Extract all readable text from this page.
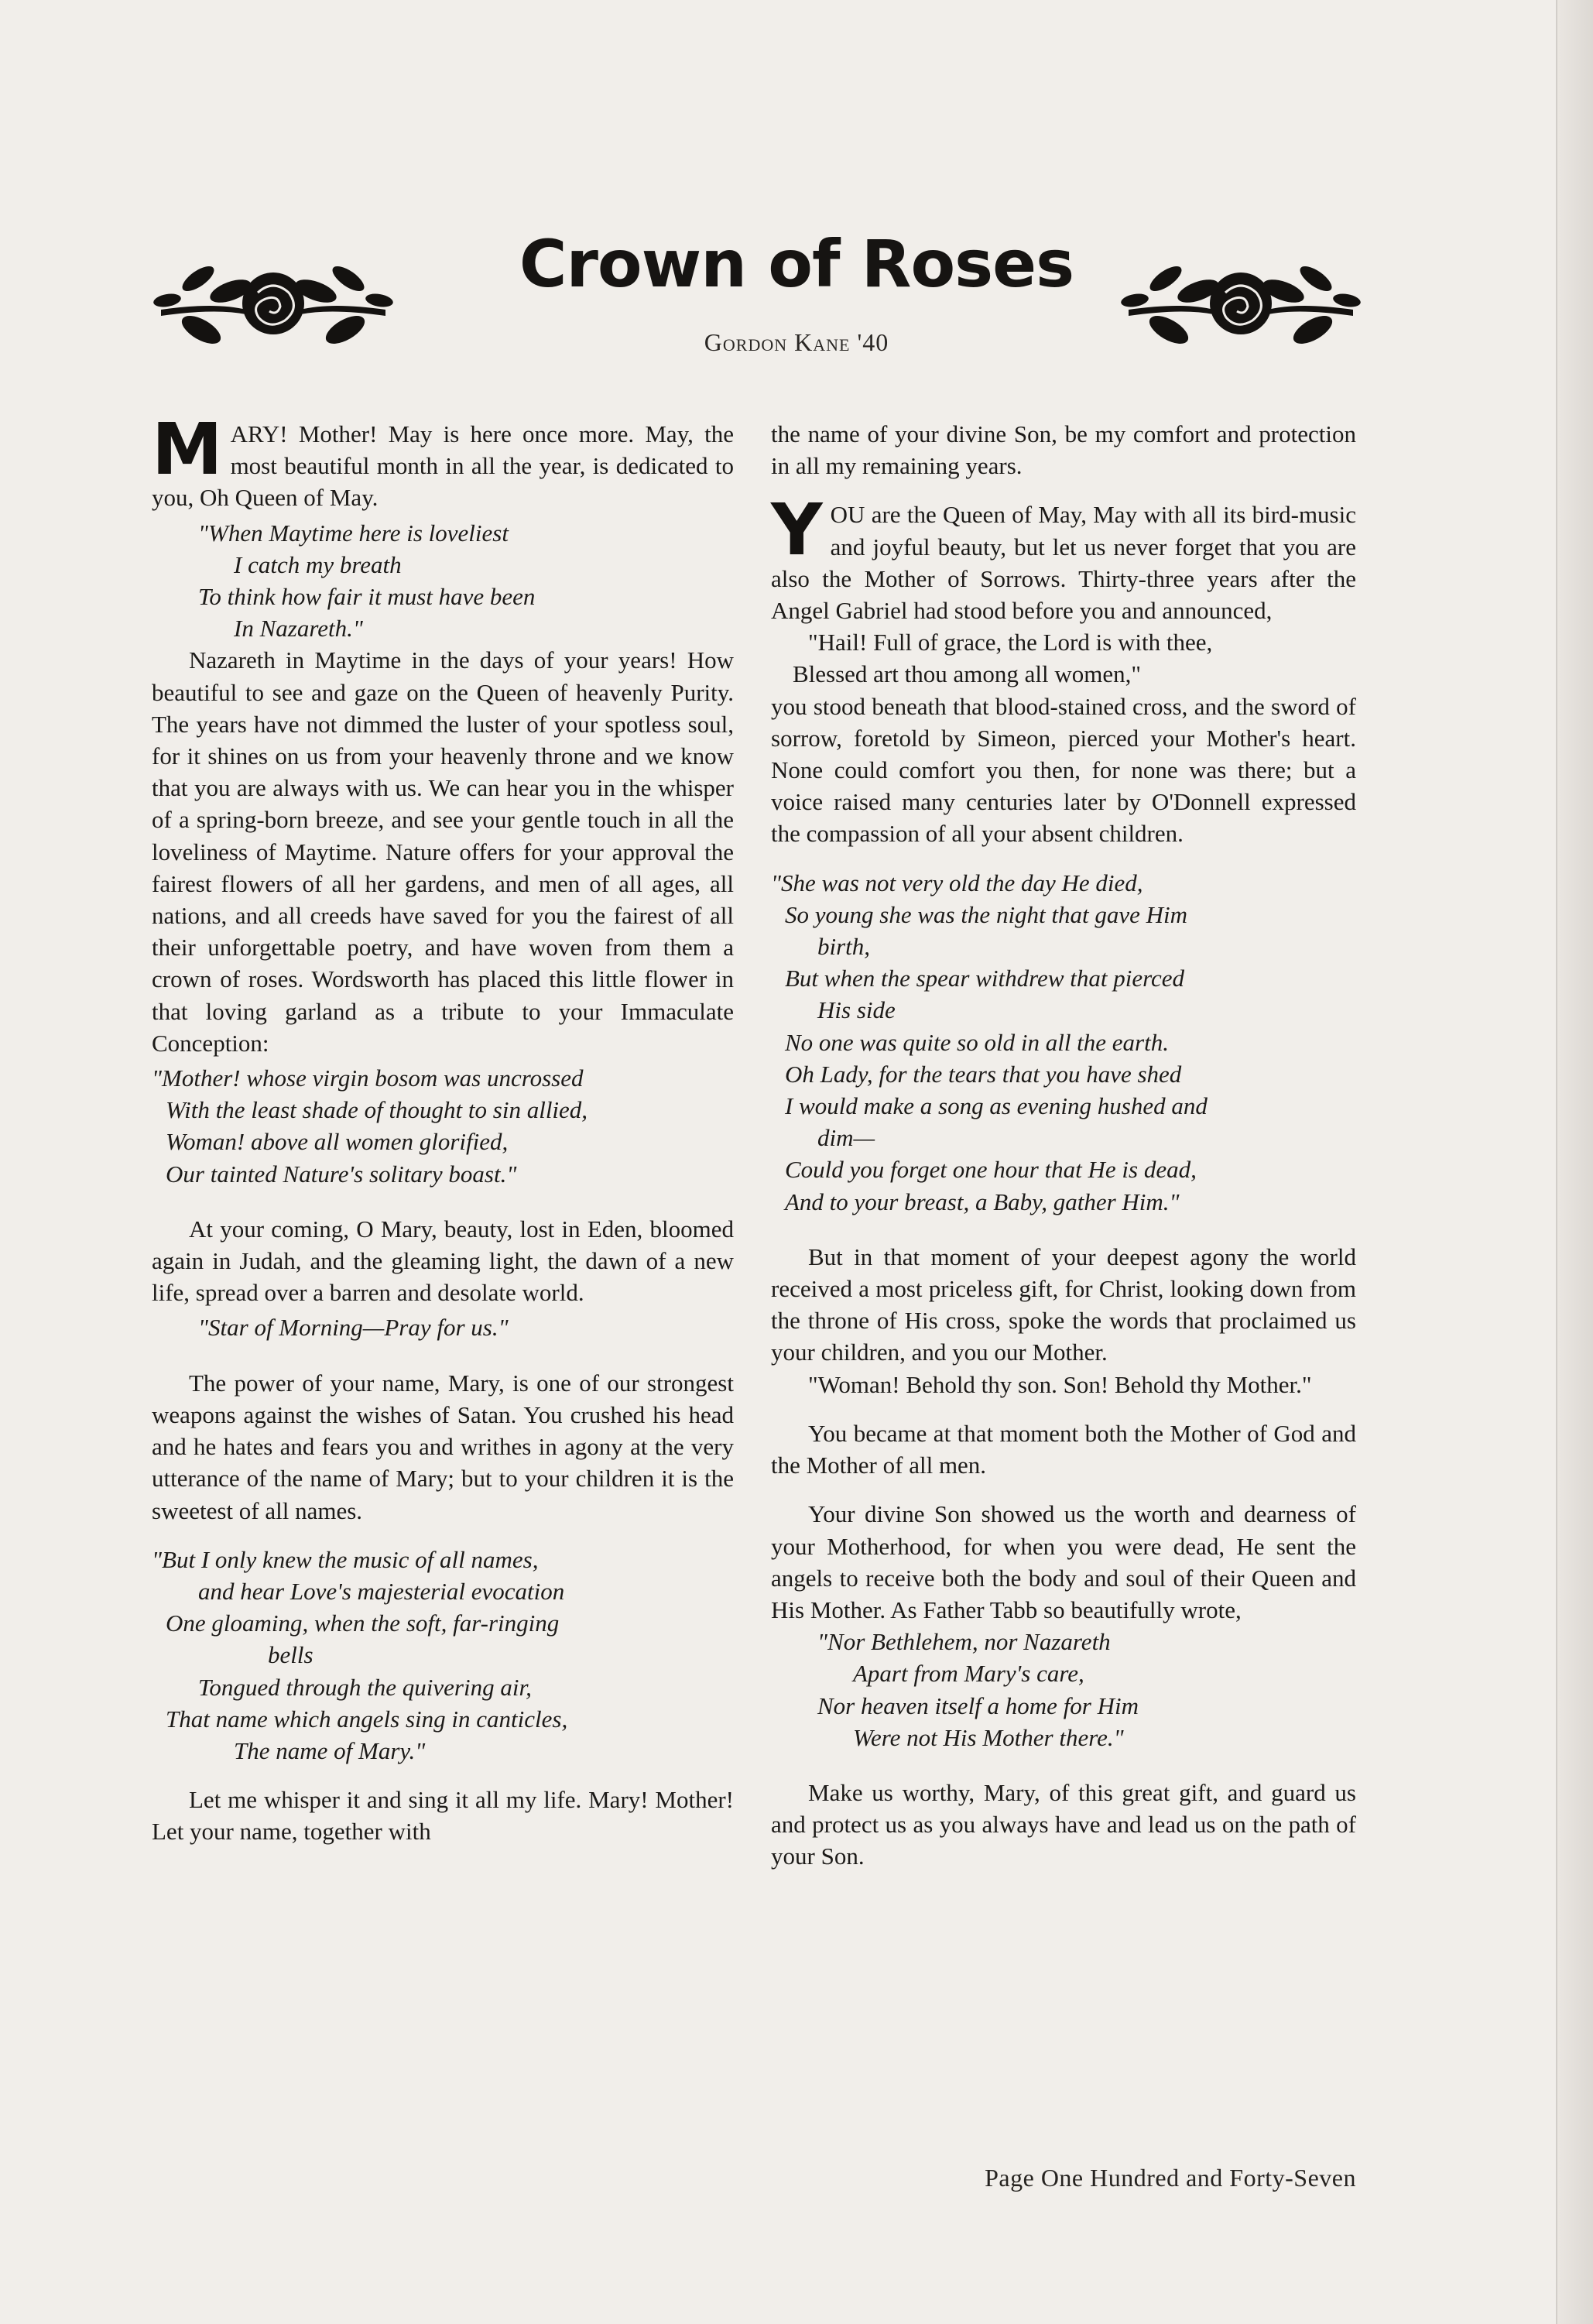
Crown of Roses
Gordon Kane '40

MARY! Mother! May is here once more. May, the most beautiful month in all the year, is dedicated to you, Oh Queen of May.

"When Maytime here is loveliest
I catch my breath
To think how fair it must have been
In Nazareth."

Nazareth in Maytime in the days of your years! How beautiful to see and gaze on the Queen of heavenly Purity. The years have not dimmed the luster of your spotless soul, for it shines on us from your heavenly throne and we know that you are always with us. We can hear you in the whisper of a spring-born breeze, and see your gentle touch in all the loveliness of Maytime. Nature offers for your approval the fairest flowers of all her gardens, and men of all ages, all nations, and all creeds have saved for you the fairest of all their unforgettable poetry, and have woven from them a crown of roses. Wordsworth has placed this little flower in that loving garland as a tribute to your Immaculate Conception:

"Mother! whose virgin bosom was uncrossed
With the least shade of thought to sin allied,
Woman! above all women glorified,
Our tainted Nature's solitary boast."

At your coming, O Mary, beauty, lost in Eden, bloomed again in Judah, and the gleaming light, the dawn of a new life, spread over a barren and desolate world.

"Star of Morning—Pray for us."

The power of your name, Mary, is one of our strongest weapons against the wishes of Satan. You crushed his head and he hates and fears you and writhes in agony at the very utterance of the name of Mary; but to your children it is the sweetest of all names.

"But I only knew the music of all names,
and hear Love's majesterial evocation
One gloaming, when the soft, far-ringing
bells
Tongued through the quivering air,
That name which angels sing in canticles,
The name of Mary."

Let me whisper it and sing it all my life. Mary! Mother! Let your name, together with

the name of your divine Son, be my comfort and protection in all my remaining years.

YOU are the Queen of May, May with all its bird-music and joyful beauty, but let us never forget that you are also the Mother of Sorrows. Thirty-three years after the Angel Gabriel had stood before you and announced,

"Hail! Full of grace, the Lord is with thee,
Blessed art thou among all women,"

you stood beneath that blood-stained cross, and the sword of sorrow, foretold by Simeon, pierced your Mother's heart. None could comfort you then, for none was there; but a voice raised many centuries later by O'Donnell expressed the compassion of all your absent children.

"She was not very old the day He died,
So young she was the night that gave Him
birth,
But when the spear withdrew that pierced
His side
No one was quite so old in all the earth.
Oh Lady, for the tears that you have shed
I would make a song as evening hushed and
dim—
Could you forget one hour that He is dead,
And to your breast, a Baby, gather Him."

But in that moment of your deepest agony the world received a most priceless gift, for Christ, looking down from the throne of His cross, spoke the words that proclaimed us your children, and you our Mother.

"Woman! Behold thy son. Son! Behold thy Mother."

You became at that moment both the Mother of God and the Mother of all men.

Your divine Son showed us the worth and dearness of your Motherhood, for when you were dead, He sent the angels to receive both the body and soul of their Queen and His Mother. As Father Tabb so beautifully wrote,

"Nor Bethlehem, nor Nazareth
Apart from Mary's care,
Nor heaven itself a home for Him
Were not His Mother there."

Make us worthy, Mary, of this great gift, and guard us and protect us as you always have and lead us on the path of your Son.

Page One Hundred and Forty-Seven
